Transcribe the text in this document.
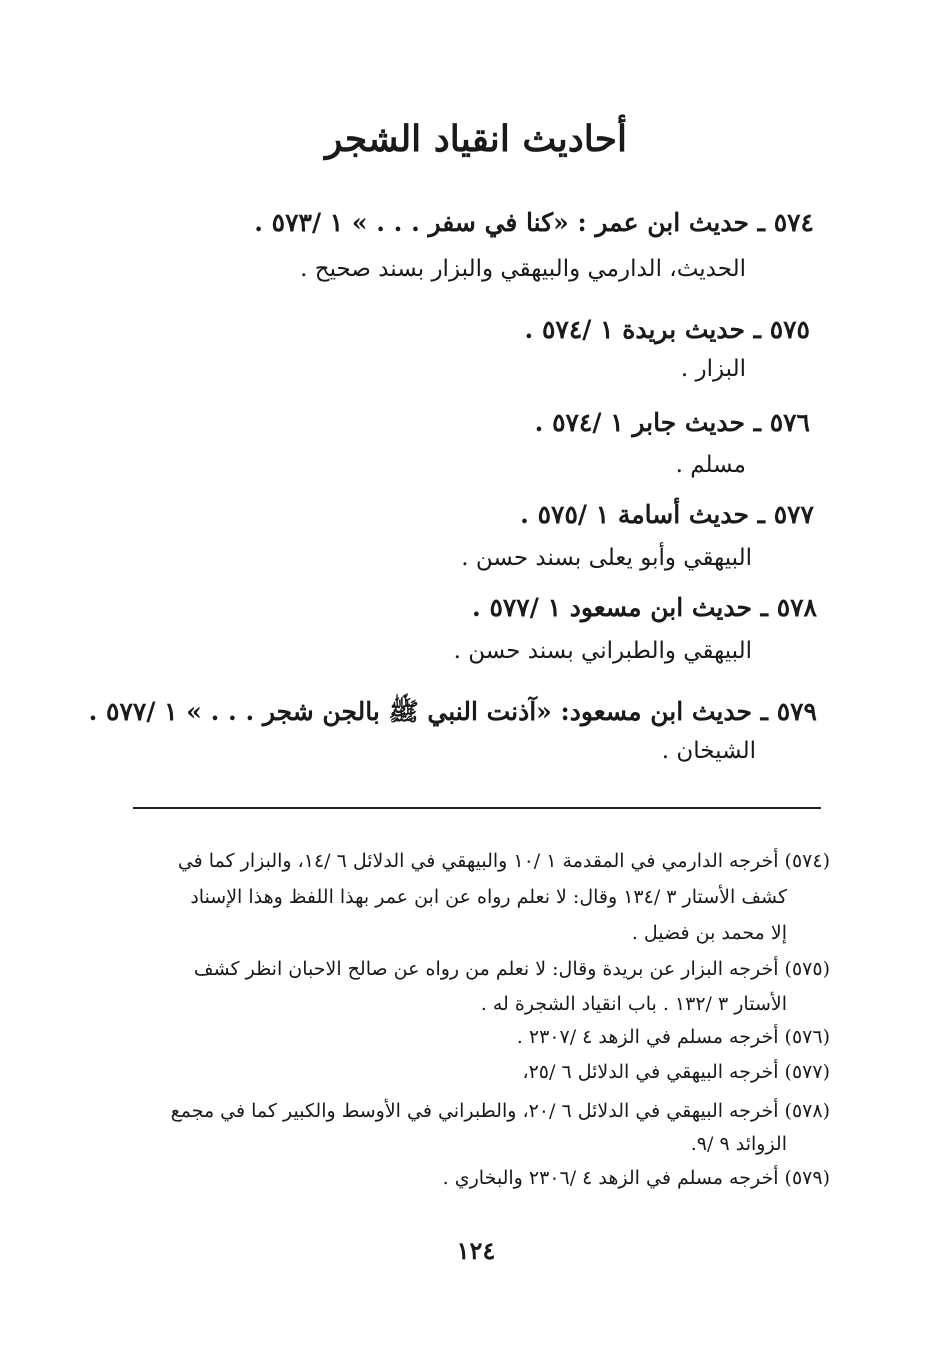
أحاديث انقياد الشجر

٥٧٤ ـ حديث ابن عمر : «كنا في سفر . . . » ١ /٥٧٣ .

الحديث، الدارمي والبيهقي والبزار بسند صحيح .

٥٧٥ ـ حديث بريدة ١ /٥٧٤ .

البزار .

٥٧٦ ـ حديث جابر ١ /٥٧٤ .

مسلم .

٥٧٧ ـ حديث أسامة ١ /٥٧٥ .

البيهقي وأبو يعلى بسند حسن .

٥٧٨ ـ حديث ابن مسعود ١ /٥٧٧ .

البيهقي والطبراني بسند حسن .

٥٧٩ ـ حديث ابن مسعود: «آذنت النبي ﷺ بالجن شجر . . . » ١ /٥٧٧ .

الشيخان .

(٥٧٤) أخرجه الدارمي في المقدمة ١ /١٠ والبيهقي في الدلائل ٦ /١٤، والبزار كما في

كشف الأستار ٣ /١٣٤ وقال: لا نعلم رواه عن ابن عمر بهذا اللفظ وهذا الإسناد

إلا محمد بن فضيل .

(٥٧٥) أخرجه البزار عن بريدة وقال: لا نعلم من رواه عن صالح الاحبان انظر كشف

الأستار ٣ /١٣٢ . باب انقياد الشجرة له .

(٥٧٦) أخرجه مسلم في الزهد ٤ /٢٣٠٧ .

(٥٧٧) أخرجه البيهقي في الدلائل ٦ /٢٥،

(٥٧٨) أخرجه البيهقي في الدلائل ٦ /٢٠، والطبراني في الأوسط والكبير كما في مجمع

الزوائد ٩ /٩.

(٥٧٩) أخرجه مسلم في الزهد ٤ /٢٣٠٦ والبخاري .

١٢٤
